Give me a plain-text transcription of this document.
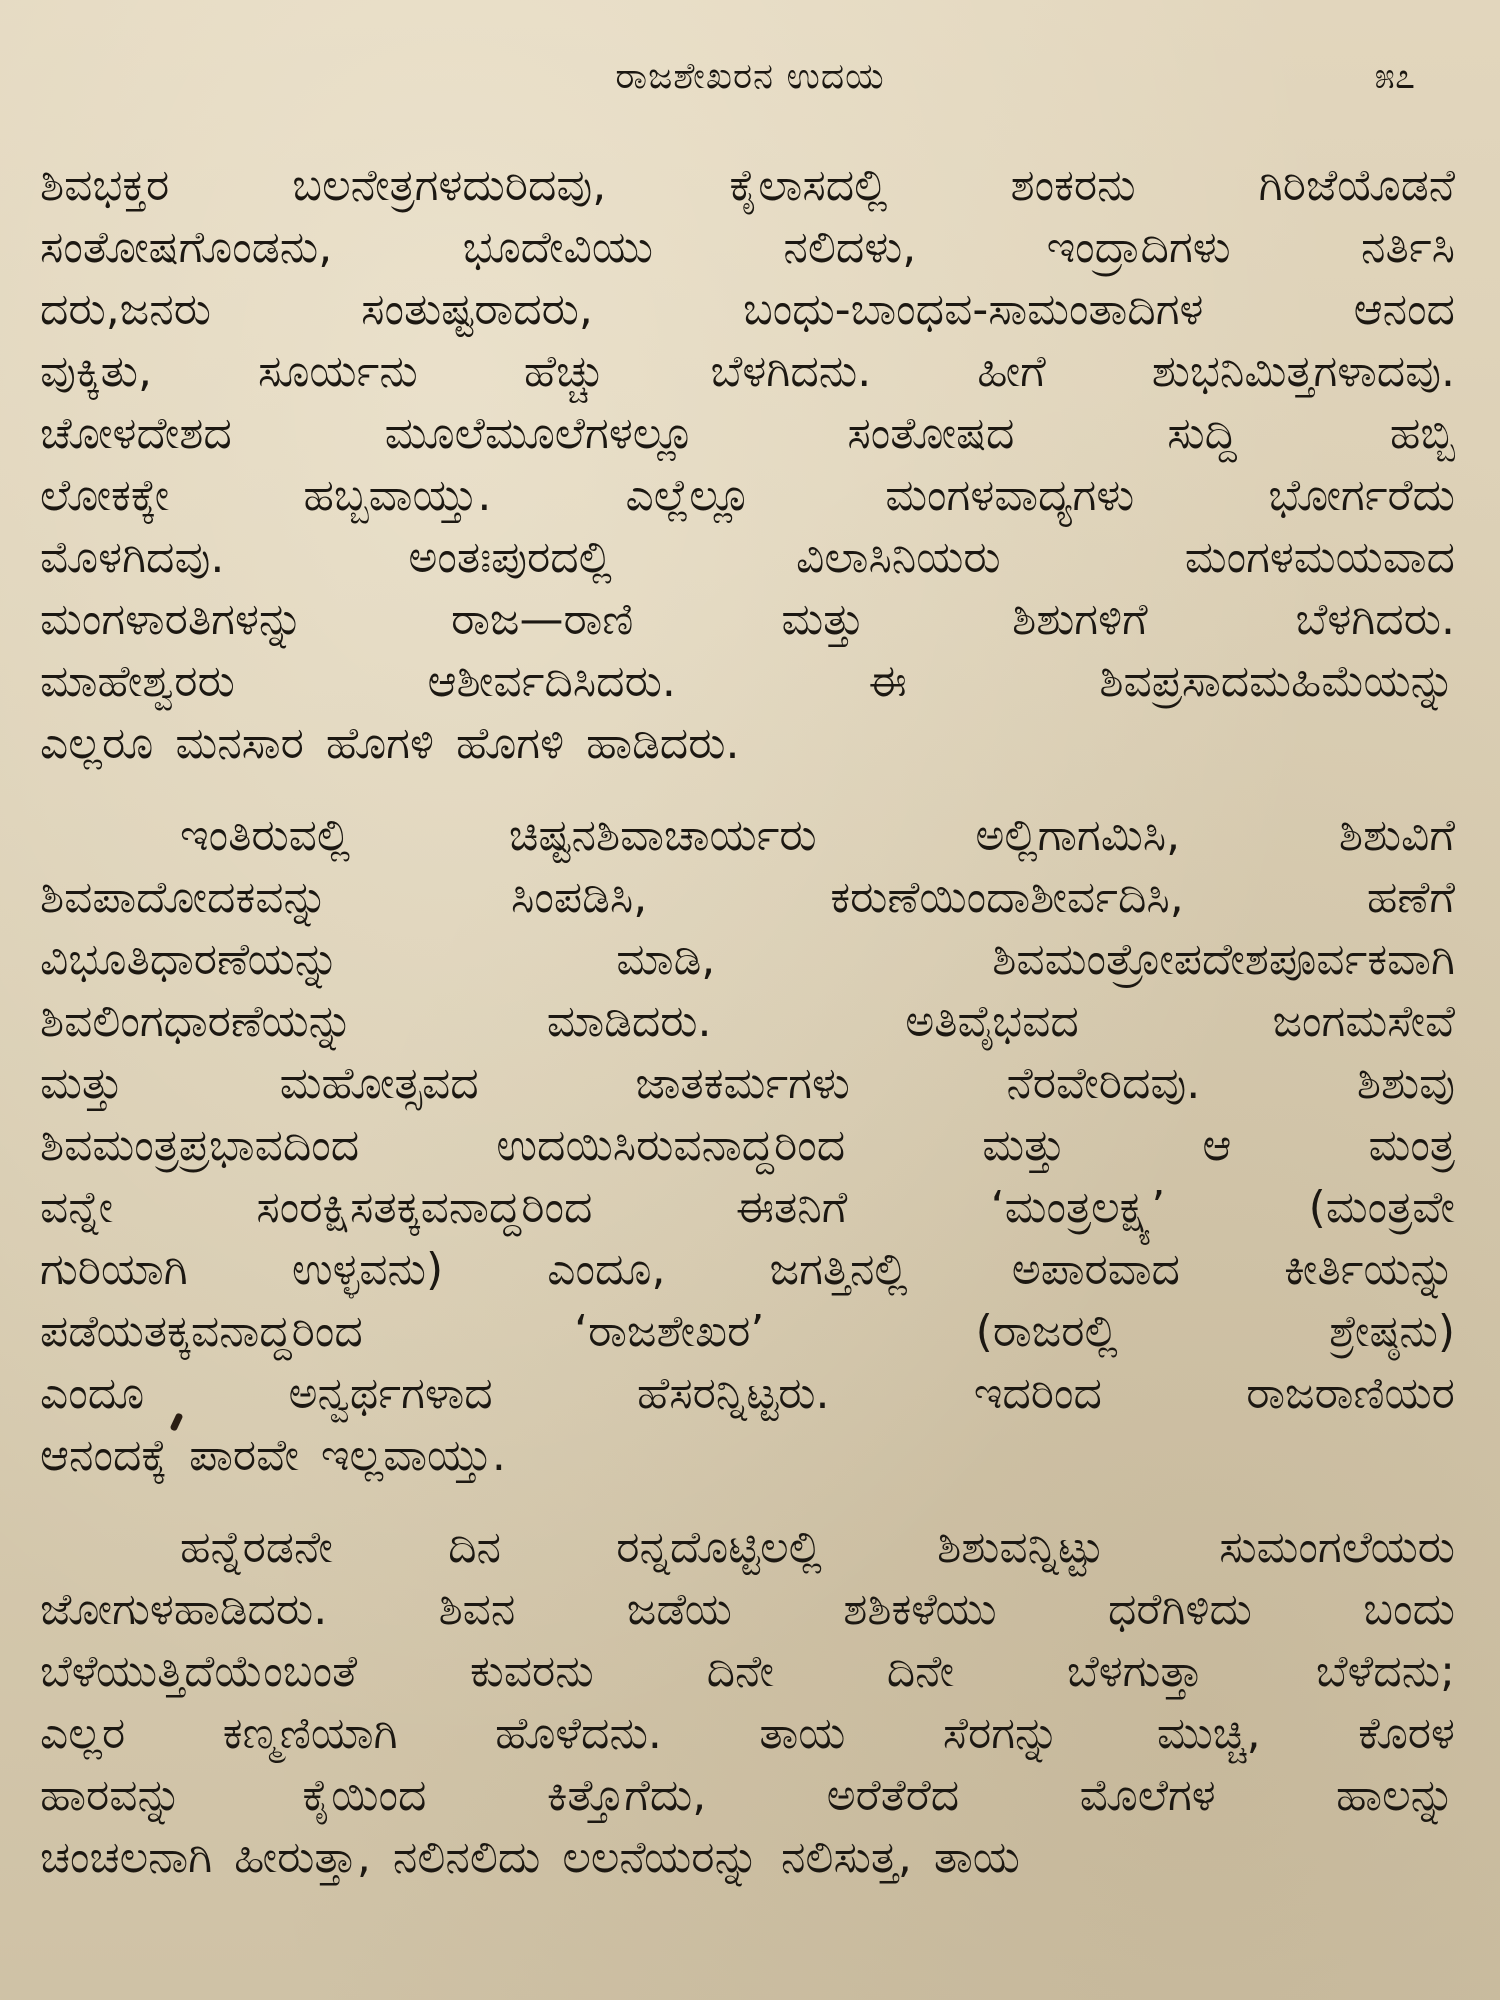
ರಾಜಶೇಖರನ ಉದಯ	೫೭
ಶಿವಭಕ್ತರ	ಬಲನೇತ್ರಗಳದುರಿದವು,	ಕೈಲಾಸದಲ್ಲಿ	ಶಂಕರನು	ಗಿರಿಜೆಯೊಡನೆ
ಸಂತೋಷಗೊಂಡನು,	ಭೂದೇವಿಯು	ನಲಿದಳು,	ಇಂದ್ರಾದಿಗಳು	ನರ್ತಿಸಿ
ದರು,ಜನರು	ಸಂತುಷ್ಟರಾದರು,	ಬಂಧು-ಬಾಂಧವ-ಸಾಮಂತಾದಿಗಳ	ಆನಂದ
ವುಕ್ಕಿತು, ಸೂರ್ಯನು ಹೆಚ್ಚು ಬೆಳಗಿದನು. ಹೀಗೆ ಶುಭನಿಮಿತ್ತಗಳಾದವು.
ಚೋಳದೇಶದ	ಮೂಲೆಮೂಲೆಗಳಲ್ಲೂ	ಸಂತೋಷದ	ಸುದ್ದಿ	ಹಬ್ಬಿ
ಲೋಕಕ್ಕೇ	ಹಬ್ಬವಾಯ್ತು.	ಎಲ್ಲೆಲ್ಲೂ	ಮಂಗಳವಾದ್ಯಗಳು	ಭೋರ್ಗರೆದು
ಮೊಳಗಿದವು.	ಅಂತಃಪುರದಲ್ಲಿ	ವಿಲಾಸಿನಿಯರು	ಮಂಗಳಮಯವಾದ
ಮಂಗಳಾರತಿಗಳನ್ನು	ರಾಜ—ರಾಣಿ	ಮತ್ತು	ಶಿಶುಗಳಿಗೆ	ಬೆಳಗಿದರು.
ಮಾಹೇಶ್ವರರು	ಆಶೀರ್ವದಿಸಿದರು.	ಈ	ಶಿವಪ್ರಸಾದಮಹಿಮೆಯನ್ನು
ಎಲ್ಲರೂ ಮನಸಾರ ಹೊಗಳಿ ಹೊಗಳಿ ಹಾಡಿದರು.
ಇಂತಿರುವಲ್ಲಿ	ಚಿಷ್ಟನಶಿವಾಚಾರ್ಯರು	ಅಲ್ಲಿಗಾಗಮಿಸಿ,	ಶಿಶುವಿಗೆ
ಶಿವಪಾದೋದಕವನ್ನು	ಸಿಂಪಡಿಸಿ,	ಕರುಣೆಯಿಂದಾಶೀರ್ವದಿಸಿ,	ಹಣೆಗೆ
ವಿಭೂತಿಧಾರಣೆಯನ್ನು	ಮಾಡಿ,	ಶಿವಮಂತ್ರೋಪದೇಶಪೂರ್ವಕವಾಗಿ
ಶಿವಲಿಂಗಧಾರಣೆಯನ್ನು	ಮಾಡಿದರು.	ಅತಿವೈಭವದ	ಜಂಗಮಸೇವೆ
ಮತ್ತು	ಮಹೋತ್ಸವದ	ಜಾತಕರ್ಮಗಳು	ನೆರವೇರಿದವು.	ಶಿಶುವು
ಶಿವಮಂತ್ರಪ್ರಭಾವದಿಂದ	ಉದಯಿಸಿರುವನಾದ್ದರಿಂದ	ಮತ್ತು	ಆ	ಮಂತ್ರ
ವನ್ನೇ	ಸಂರಕ್ಷಿಸತಕ್ಕವನಾದ್ದರಿಂದ	ಈತನಿಗೆ	‘ಮಂತ್ರಲಕ್ಷ್ಯ’	(ಮಂತ್ರವೇ
ಗುರಿಯಾಗಿ ಉಳ್ಳವನು) ಎಂದೂ, ಜಗತ್ತಿನಲ್ಲಿ ಅಪಾರವಾದ ಕೀರ್ತಿಯನ್ನು
ಪಡೆಯತಕ್ಕವನಾದ್ದರಿಂದ	‘ರಾಜಶೇಖರ’	(ರಾಜರಲ್ಲಿ	ಶ್ರೇಷ್ಠನು)
ಎಂದೂ	ಅನ್ವರ್ಥಗಳಾದ	ಹೆಸರನ್ನಿಟ್ಟರು.	ಇದರಿಂದ	ರಾಜರಾಣಿಯರ
ಆನಂದಕ್ಕೆ ಪಾರವೇ ಇಲ್ಲವಾಯ್ತು.
ಹನ್ನೆರಡನೇ	ದಿನ	ರನ್ನದೊಟ್ಟಿಲಲ್ಲಿ	ಶಿಶುವನ್ನಿಟ್ಟು	ಸುಮಂಗಲೆಯರು
ಜೋಗುಳಹಾಡಿದರು.	ಶಿವನ	ಜಡೆಯ	ಶಶಿಕಳೆಯು	ಧರೆಗಿಳಿದು	ಬಂದು
ಬೆಳೆಯುತ್ತಿದೆಯೆಂಬಂತೆ	ಕುವರನು	ದಿನೇ	ದಿನೇ	ಬೆಳಗುತ್ತಾ	ಬೆಳೆದನು;
ಎಲ್ಲರ ಕಣ್ಮಣಿಯಾಗಿ ಹೊಳೆದನು. ತಾಯ ಸೆರಗನ್ನು ಮುಚ್ಚಿ, ಕೊರಳ
ಹಾರವನ್ನು	ಕೈಯಿಂದ	ಕಿತ್ತೊಗೆದು,	ಅರೆತೆರೆದ	ಮೊಲೆಗಳ	ಹಾಲನ್ನು
ಚಂಚಲನಾಗಿ ಹೀರುತ್ತಾ, ನಲಿನಲಿದು ಲಲನೆಯರನ್ನು ನಲಿಸುತ್ತ, ತಾಯ
